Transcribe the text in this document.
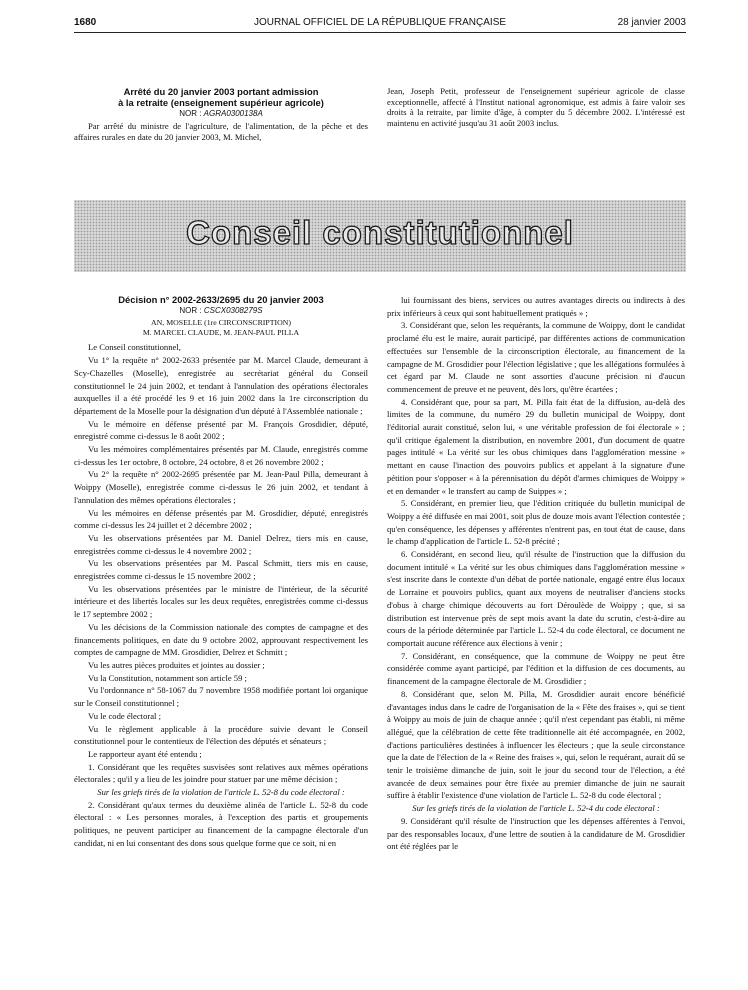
1680	JOURNAL OFFICIEL DE LA RÉPUBLIQUE FRANÇAISE	28 janvier 2003

Arrêté du 20 janvier 2003 portant admission

à la retraite (enseignement supérieur agricole)

NOR : AGRA0300138A

Par arrêté du ministre de l'agriculture, de l'alimentation, de la pêche et des affaires rurales en date du 20 janvier 2003, M. Michel,

Jean, Joseph Petit, professeur de l'enseignement supérieur agricole de classe exceptionnelle, affecté à l'Institut national agronomique, est admis à faire valoir ses droits à la retraite, par limite d'âge, à compter du 5 décembre 2002. L'intéressé est maintenu en activité jusqu'au 31 août 2003 inclus.

Conseil constitutionnel

Décision n° 2002-2633/2695 du 20 janvier 2003

NOR : CSCX0308279S

AN, MOSELLE (1re CIRCONSCRIPTION)

M. MARCEL CLAUDE, M. JEAN-PAUL PILLA

Le Conseil constitutionnel,

Vu 1° la requête n° 2002-2633 présentée par M. Marcel Claude, demeurant à Scy-Chazelles (Moselle), enregistrée au secrétariat général du Conseil constitutionnel le 24 juin 2002, et tendant à l'annulation des opérations électorales auxquelles il a été procédé les 9 et 16 juin 2002 dans la 1re circonscription du département de la Moselle pour la désignation d'un député à l'Assemblée nationale ;

Vu le mémoire en défense présenté par M. François Grosdidier, député, enregistré comme ci-dessus le 8 août 2002 ;

Vu les mémoires complémentaires présentés par M. Claude, enregistrés comme ci-dessus les 1er octobre, 8 octobre, 24 octobre, 8 et 26 novembre 2002 ;

Vu 2° la requête n° 2002-2695 présentée par M. Jean-Paul Pilla, demeurant à Woippy (Moselle), enregistrée comme ci-dessus le 26 juin 2002, et tendant à l'annulation des mêmes opérations électorales ;

Vu les mémoires en défense présentés par M. Grosdidier, député, enregistrés comme ci-dessus les 24 juillet et 2 décembre 2002 ;

Vu les observations présentées par M. Daniel Delrez, tiers mis en cause, enregistrées comme ci-dessus le 4 novembre 2002 ;

Vu les observations présentées par M. Pascal Schmitt, tiers mis en cause, enregistrées comme ci-dessus le 15 novembre 2002 ;

Vu les observations présentées par le ministre de l'intérieur, de la sécurité intérieure et des libertés locales sur les deux requêtes, enregistrées comme ci-dessus le 17 septembre 2002 ;

Vu les décisions de la Commission nationale des comptes de campagne et des financements politiques, en date du 9 octobre 2002, approuvant respectivement les comptes de campagne de MM. Grosdidier, Delrez et Schmitt ;

Vu les autres pièces produites et jointes au dossier ;

Vu la Constitution, notamment son article 59 ;

Vu l'ordonnance n° 58-1067 du 7 novembre 1958 modifiée portant loi organique sur le Conseil constitutionnel ;

Vu le code électoral ;

Vu le règlement applicable à la procédure suivie devant le Conseil constitutionnel pour le contentieux de l'élection des députés et sénateurs ;

Le rapporteur ayant été entendu ;

1. Considérant que les requêtes susvisées sont relatives aux mêmes opérations électorales ; qu'il y a lieu de les joindre pour statuer par une même décision ;

Sur les griefs tirés de la violation de l'article L. 52-8 du code électoral :

2. Considérant qu'aux termes du deuxième alinéa de l'article L. 52-8 du code électoral : « Les personnes morales, à l'exception des partis et groupements politiques, ne peuvent participer au financement de la campagne électorale d'un candidat, ni en lui consentant des dons sous quelque forme que ce soit, ni en

lui fournissant des biens, services ou autres avantages directs ou indirects à des prix inférieurs à ceux qui sont habituellement pratiqués » ;

3. Considérant que, selon les requérants, la commune de Woippy, dont le candidat proclamé élu est le maire, aurait participé, par différentes actions de communication effectuées sur l'ensemble de la circonscription électorale, au financement de la campagne de M. Grosdidier pour l'élection législative ; que les allégations formulées à cet égard par M. Claude ne sont assorties d'aucune précision ni d'aucun commencement de preuve et ne peuvent, dès lors, qu'être écartées ;

4. Considérant que, pour sa part, M. Pilla fait état de la diffusion, au-delà des limites de la commune, du numéro 29 du bulletin municipal de Woippy, dont l'éditorial aurait constitué, selon lui, « une véritable profession de foi électorale » ; qu'il critique également la distribution, en novembre 2001, d'un document de quatre pages intitulé « La vérité sur les obus chimiques dans l'agglomération messine » mettant en cause l'inaction des pouvoirs publics et appelant à la signature d'une pétition pour s'opposer « à la pérennisation du dépôt d'armes chimiques de Woippy » et en demander « le transfert au camp de Suippes » ;

5. Considérant, en premier lieu, que l'édition critiquée du bulletin municipal de Woippy a été diffusée en mai 2001, soit plus de douze mois avant l'élection contestée ; qu'en conséquence, les dépenses y afférentes n'entrent pas, en tout état de cause, dans le champ d'application de l'article L. 52-8 précité ;

6. Considérant, en second lieu, qu'il résulte de l'instruction que la diffusion du document intitulé « La vérité sur les obus chimiques dans l'agglomération messine » s'est inscrite dans le contexte d'un débat de portée nationale, engagé entre élus locaux de Lorraine et pouvoirs publics, quant aux moyens de neutraliser d'anciens stocks d'obus à charge chimique découverts au fort Déroulède de Woippy ; que, si sa distribution est intervenue près de sept mois avant la date du scrutin, c'est-à-dire au cours de la période déterminée par l'article L. 52-4 du code électoral, ce document ne comportait aucune référence aux élections à venir ;

7. Considérant, en conséquence, que la commune de Woippy ne peut être considérée comme ayant participé, par l'édition et la diffusion de ces documents, au financement de la campagne électorale de M. Grosdidier ;

8. Considérant que, selon M. Pilla, M. Grosdidier aurait encore bénéficié d'avantages indus dans le cadre de l'organisation de la « Fête des fraises », qui se tient à Woippy au mois de juin de chaque année ; qu'il n'est cependant pas établi, ni même allégué, que la célébration de cette fête traditionnelle ait été accompagnée, en 2002, d'actions particulières destinées à influencer les électeurs ; que la seule circonstance que la date de l'élection de la « Reine des fraises », qui, selon le requérant, aurait dû se tenir le troisième dimanche de juin, soit le jour du second tour de l'élection, a été avancée de deux semaines pour être fixée au premier dimanche de juin ne saurait suffire à établir l'existence d'une violation de l'article L. 52-8 du code électoral ;

Sur les griefs tirés de la violation de l'article L. 52-4 du code électoral :

9. Considérant qu'il résulte de l'instruction que les dépenses afférentes à l'envoi, par des responsables locaux, d'une lettre de soutien à la candidature de M. Grosdidier ont été réglées par le
